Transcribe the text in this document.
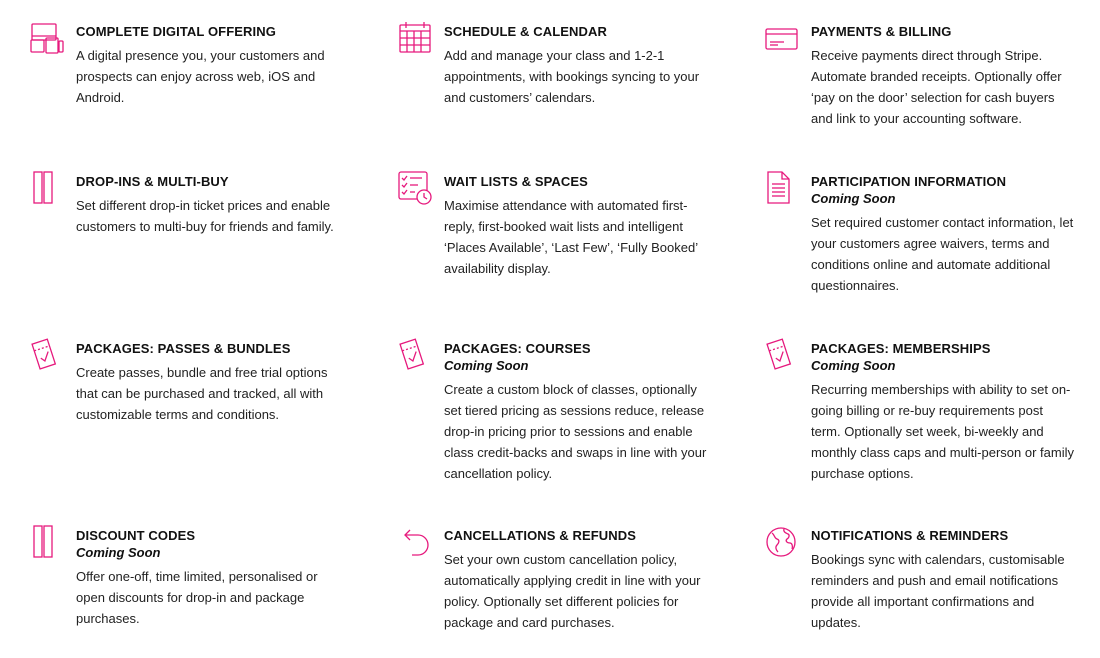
COMPLETE DIGITAL OFFERING

A digital presence you, your customers and prospects can enjoy across web, iOS and Android.

SCHEDULE & CALENDAR

Add and manage your class and 1-2-1 appointments, with bookings syncing to your and customers’ calendars.

PAYMENTS & BILLING

Receive payments direct through Stripe. Automate branded receipts. Optionally offer ‘pay on the door’ selection for cash buyers and link to your accounting software.

DROP-INS & MULTI-BUY

Set different drop-in ticket prices and enable customers to multi-buy for friends and family.

WAIT LISTS & SPACES

Maximise attendance with automated first-reply, first-booked wait lists and intelligent ‘Places Available’, ‘Last Few’, ‘Fully Booked’ availability display.

PARTICIPATION INFORMATION
Coming Soon

Set required customer contact information, let your customers agree waivers, terms and conditions online and automate additional questionnaires.

PACKAGES: PASSES & BUNDLES

Create passes, bundle and free trial options that can be purchased and tracked, all with customizable terms and conditions.

PACKAGES: COURSES
Coming Soon

Create a custom block of classes, optionally set tiered pricing as sessions reduce, release drop-in pricing prior to sessions and enable class credit-backs and swaps in line with your cancellation policy.

PACKAGES: MEMBERSHIPS
Coming Soon

Recurring memberships with ability to set on-going billing or re-buy requirements post term. Optionally set week, bi-weekly and monthly class caps and multi-person or family purchase options.

DISCOUNT CODES
Coming Soon

Offer one-off, time limited, personalised or open discounts for drop-in and package purchases.

CANCELLATIONS & REFUNDS

Set your own custom cancellation policy, automatically applying credit in line with your policy. Optionally set different policies for package and card purchases.

NOTIFICATIONS & REMINDERS

Bookings sync with calendars, customisable reminders and push and email notifications provide all important confirmations and updates.
